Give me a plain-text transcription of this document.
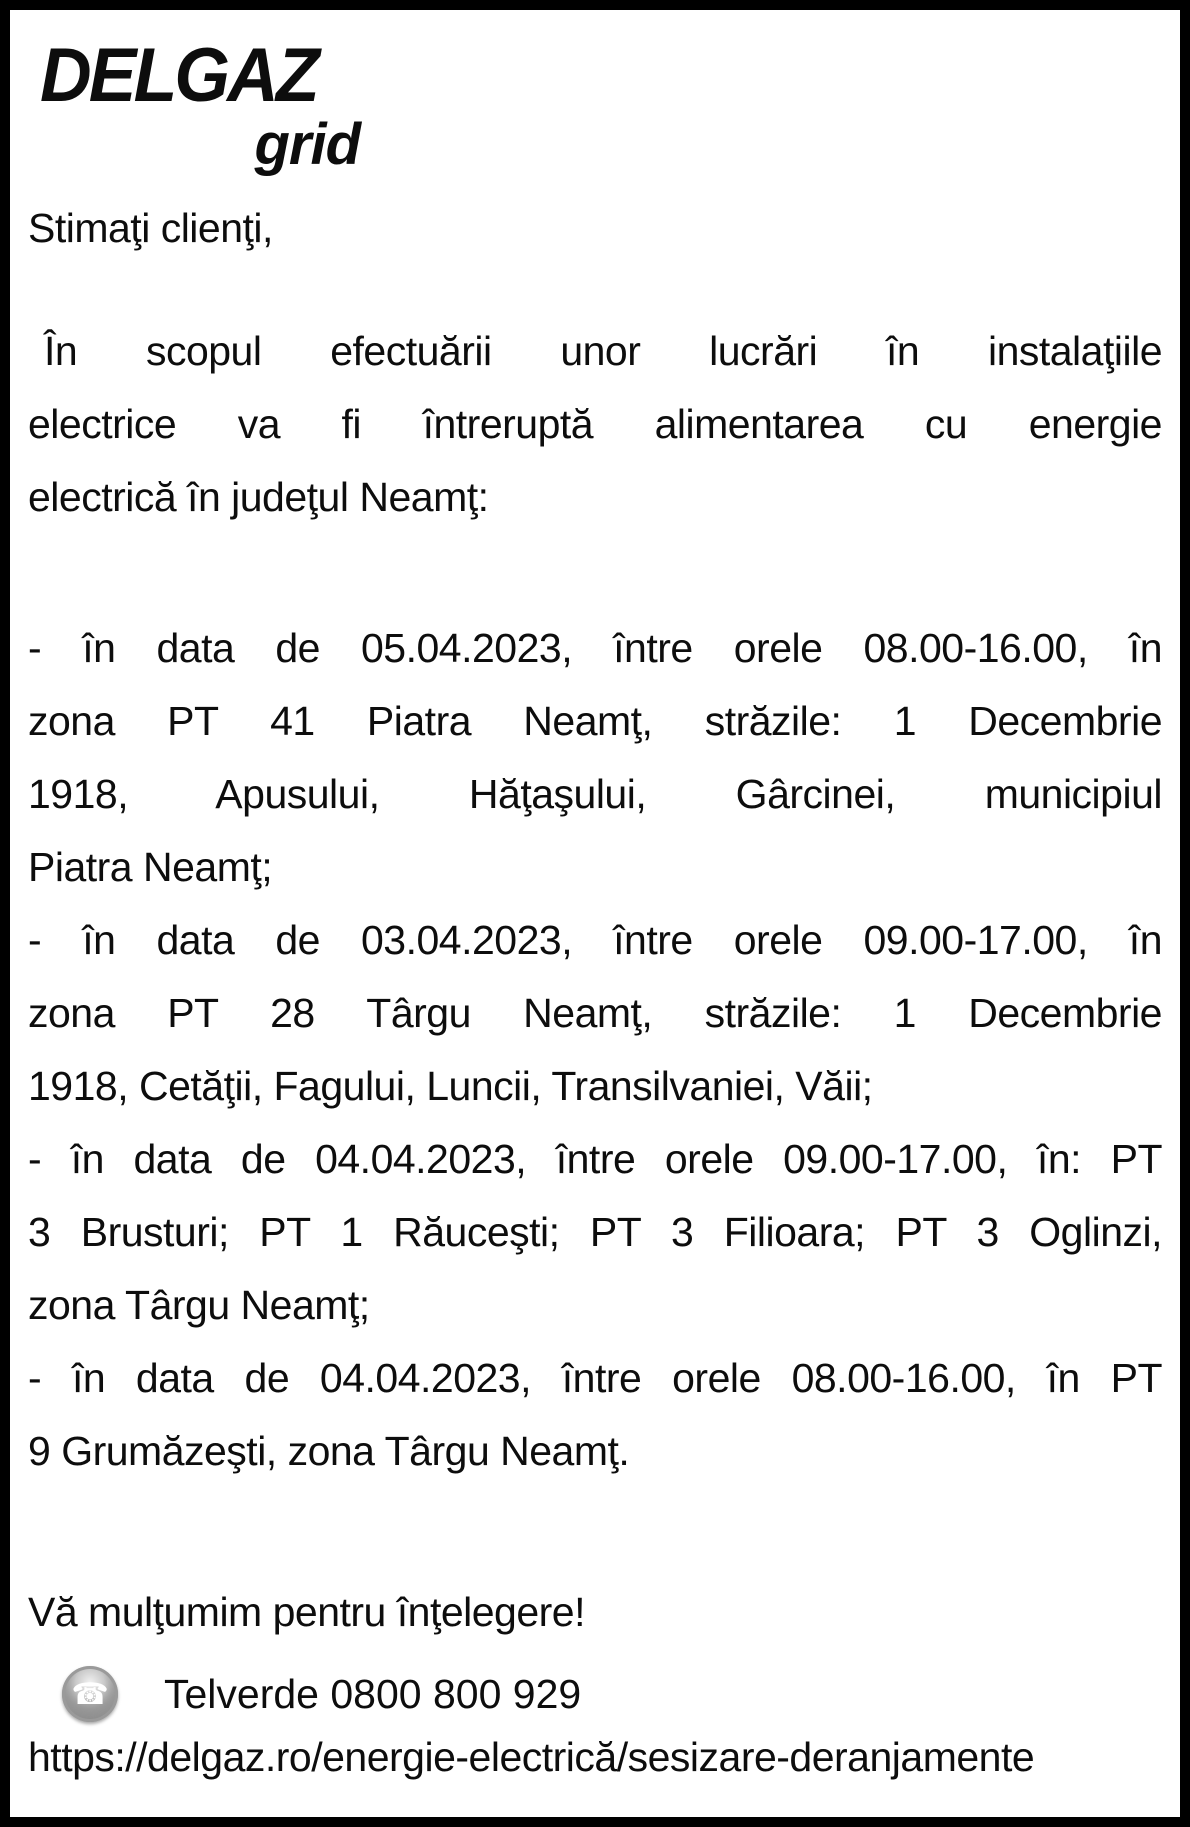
DELGAZ
grid
Stimaţi clienţi,
În scopul efectuării unor lucrări în instalaţiile
electrice va fi întreruptă alimentarea cu energie
electrică în judeţul Neamţ:
- în data de 05.04.2023, între orele 08.00-16.00, în
zona PT 41 Piatra Neamţ, străzile: 1 Decembrie
1918, Apusului, Hăţaşului, Gârcinei, municipiul
Piatra Neamţ;
- în data de 03.04.2023, între orele 09.00-17.00, în
zona PT 28 Târgu Neamţ, străzile: 1 Decembrie
1918, Cetăţii, Fagului, Luncii, Transilvaniei, Văii;
- în data de 04.04.2023, între orele 09.00-17.00, în: PT
3 Brusturi; PT 1 Răuceşti; PT 3 Filioara; PT 3 Oglinzi,
zona Târgu Neamţ;
- în data de 04.04.2023, între orele 08.00-16.00, în PT
9 Grumăzeşti, zona Târgu Neamţ.
Vă mulţumim pentru înţelegere!
☎ Telverde 0800 800 929
https://delgaz.ro/energie-electrică/sesizare-deranjamente
